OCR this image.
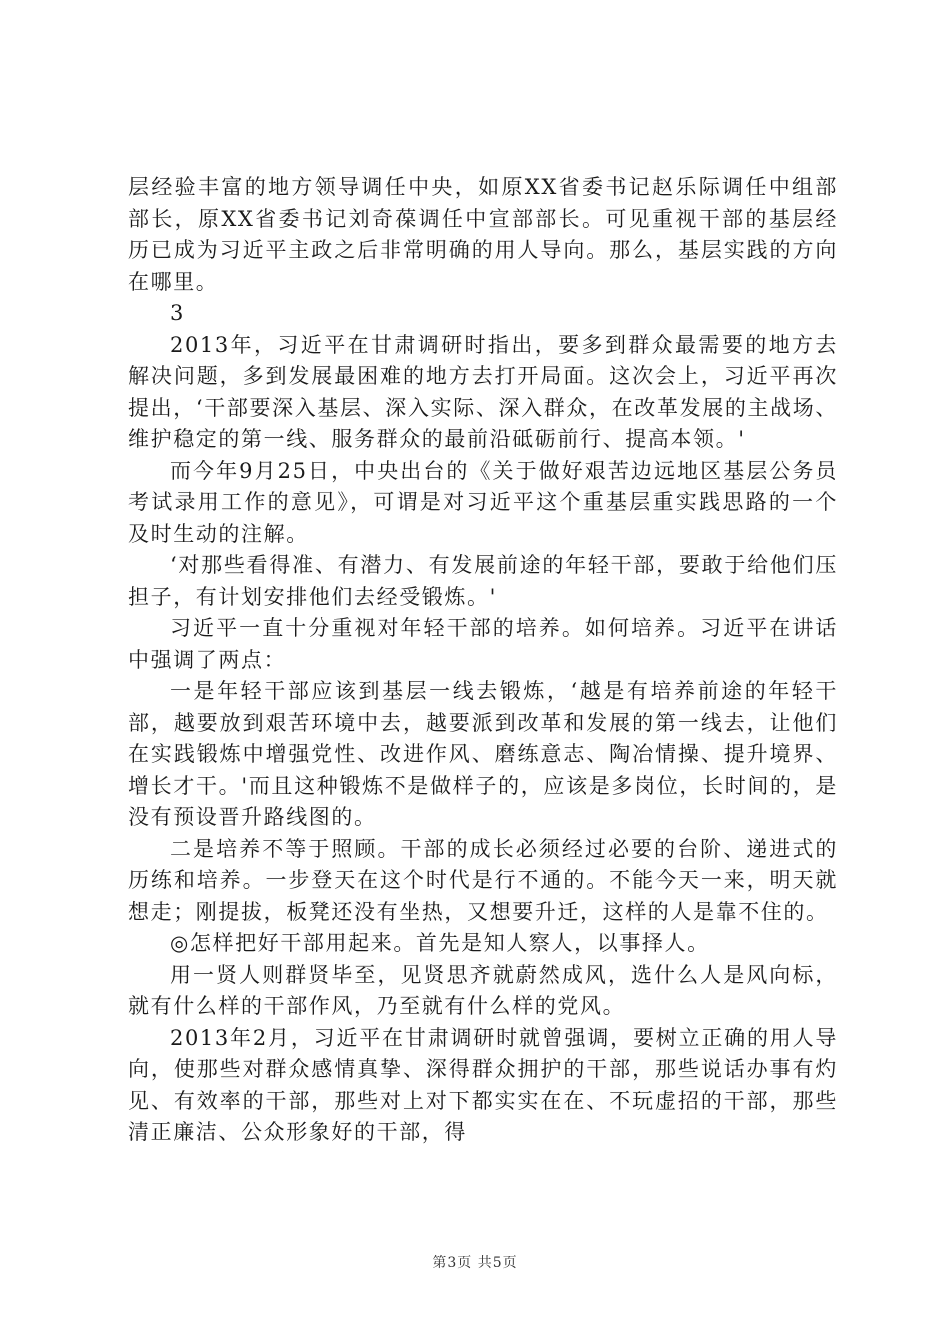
层经验丰富的地方领导调任中央，如原XX省委书记赵乐际调任中组部部长，原XX省委书记刘奇葆调任中宣部部长。可见重视干部的基层经历已成为习近平主政之后非常明确的用人导向。那么，基层实践的方向在哪里。

3

2013年，习近平在甘肃调研时指出，要多到群众最需要的地方去解决问题，多到发展最困难的地方去打开局面。这次会上，习近平再次提出，‘干部要深入基层、深入实际、深入群众，在改革发展的主战场、维护稳定的第一线、服务群众的最前沿砥砺前行、提高本领。'

而今年9月25日，中央出台的《关于做好艰苦边远地区基层公务员考试录用工作的意见》，可谓是对习近平这个重基层重实践思路的一个及时生动的注解。

‘对那些看得准、有潜力、有发展前途的年轻干部，要敢于给他们压担子，有计划安排他们去经受锻炼。'

习近平一直十分重视对年轻干部的培养。如何培养。习近平在讲话中强调了两点：

一是年轻干部应该到基层一线去锻炼，‘越是有培养前途的年轻干部，越要放到艰苦环境中去，越要派到改革和发展的第一线去，让他们在实践锻炼中增强党性、改进作风、磨练意志、陶冶情操、提升境界、增长才干。'而且这种锻炼不是做样子的，应该是多岗位，长时间的，是没有预设晋升路线图的。

二是培养不等于照顾。干部的成长必须经过必要的台阶、递进式的历练和培养。一步登天在这个时代是行不通的。不能今天一来，明天就想走；刚提拔，板凳还没有坐热，又想要升迁，这样的人是靠不住的。

◎怎样把好干部用起来。首先是知人察人，以事择人。

用一贤人则群贤毕至，见贤思齐就蔚然成风，选什么人是风向标，就有什么样的干部作风，乃至就有什么样的党风。

2013年2月，习近平在甘肃调研时就曾强调，要树立正确的用人导向，使那些对群众感情真挚、深得群众拥护的干部，那些说话办事有灼见、有效率的干部，那些对上对下都实实在在、不玩虚招的干部，那些清正廉洁、公众形象好的干部，得

第3页 共5页
